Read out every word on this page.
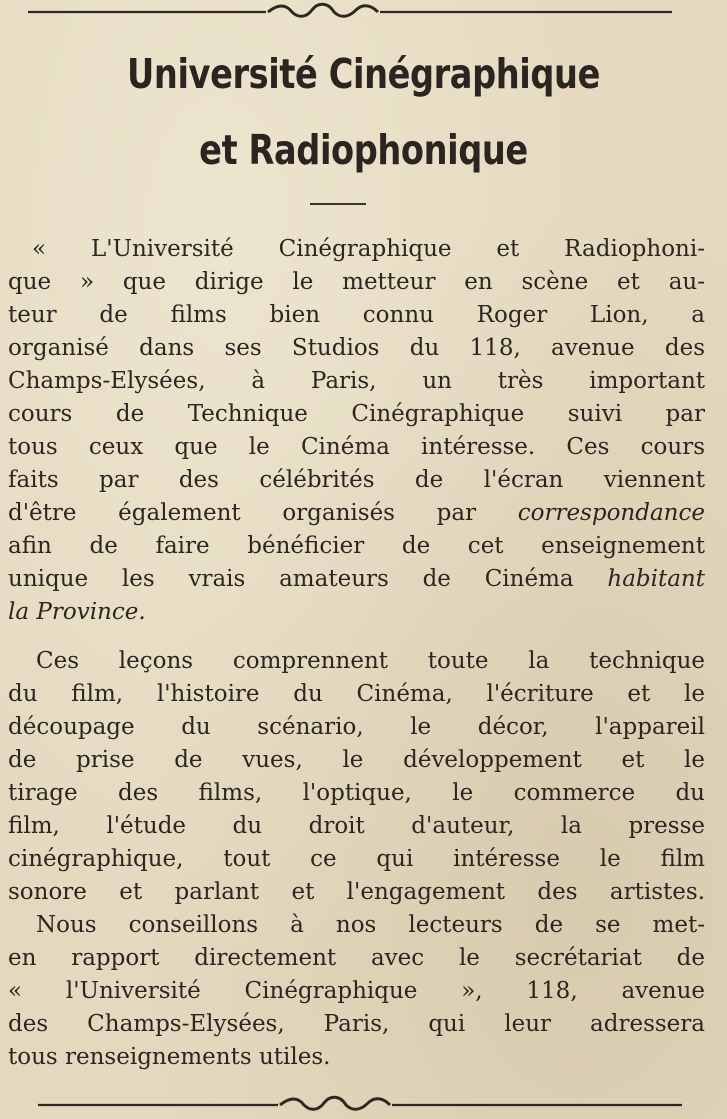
Université Cinégraphique
et Radiophonique
« L'Université Cinégraphique et Radiophoni-
que » que dirige le metteur en scène et au-
teur de films bien connu Roger Lion, a
organisé dans ses Studios du 118, avenue des
Champs-Elysées, à Paris, un très important
cours de Technique Cinégraphique suivi par
tous ceux que le Cinéma intéresse. Ces cours
faits par des célébrités de l'écran viennent
d'être également organisés par correspondance
afin de faire bénéficier de cet enseignement
unique les vrais amateurs de Cinéma habitant
la Province.
Ces leçons comprennent toute la technique
du film, l'histoire du Cinéma, l'écriture et le
découpage du scénario, le décor, l'appareil
de prise de vues, le développement et le
tirage des films, l'optique, le commerce du
film, l'étude du droit d'auteur, la presse
cinégraphique, tout ce qui intéresse le film
sonore et parlant et l'engagement des artistes.
Nous conseillons à nos lecteurs de se met-
en rapport directement avec le secrétariat de
« l'Université Cinégraphique », 118, avenue
des Champs-Elysées, Paris, qui leur adressera
tous renseignements utiles.
